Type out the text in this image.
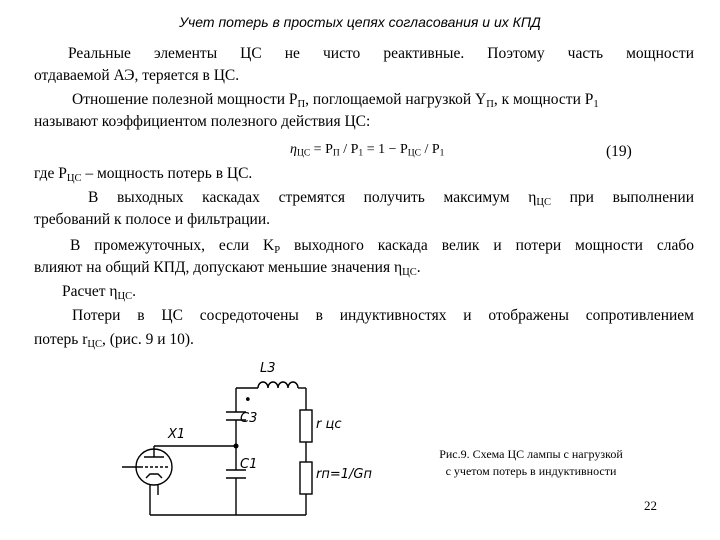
Учет потерь в простых цепях согласования и их КПД
Реальные элементы ЦС не чисто реактивные. Поэтому часть мощности
отдаваемой АЭ, теряется в ЦС.
Отношение полезной мощности $P_П$, поглощаемой нагрузкой $Y_П$, к мощности $P_1$
называют коэффициентом полезного действия ЦС:
$\eta_{ЦС} = P_П / P_1 = 1 - P_{ЦС} / P_1$	(19)
где $P_{ЦС}$ – мощность потерь в ЦС.
В выходных каскадах стремятся получить максимум $\eta_{ЦС}$ при выполнении
требований к полосе и фильтрации.
В промежуточных, если $K_P$ выходного каскада велик и потери мощности слабо
влияют на общий КПД, допускают меньшие значения $\eta_{ЦС}$.
Расчет $\eta_{ЦС}$.
Потери в ЦС сосредоточены в индуктивностях и отображены сопротивлением
потерь $r_{ЦС}$, (рис. 9 и 10).
L3
•
C3
C1
X1
r цс
rп=1/Gп
Рис.9. Схема ЦС лампы с нагрузкой
с учетом потерь в индуктивности
22
